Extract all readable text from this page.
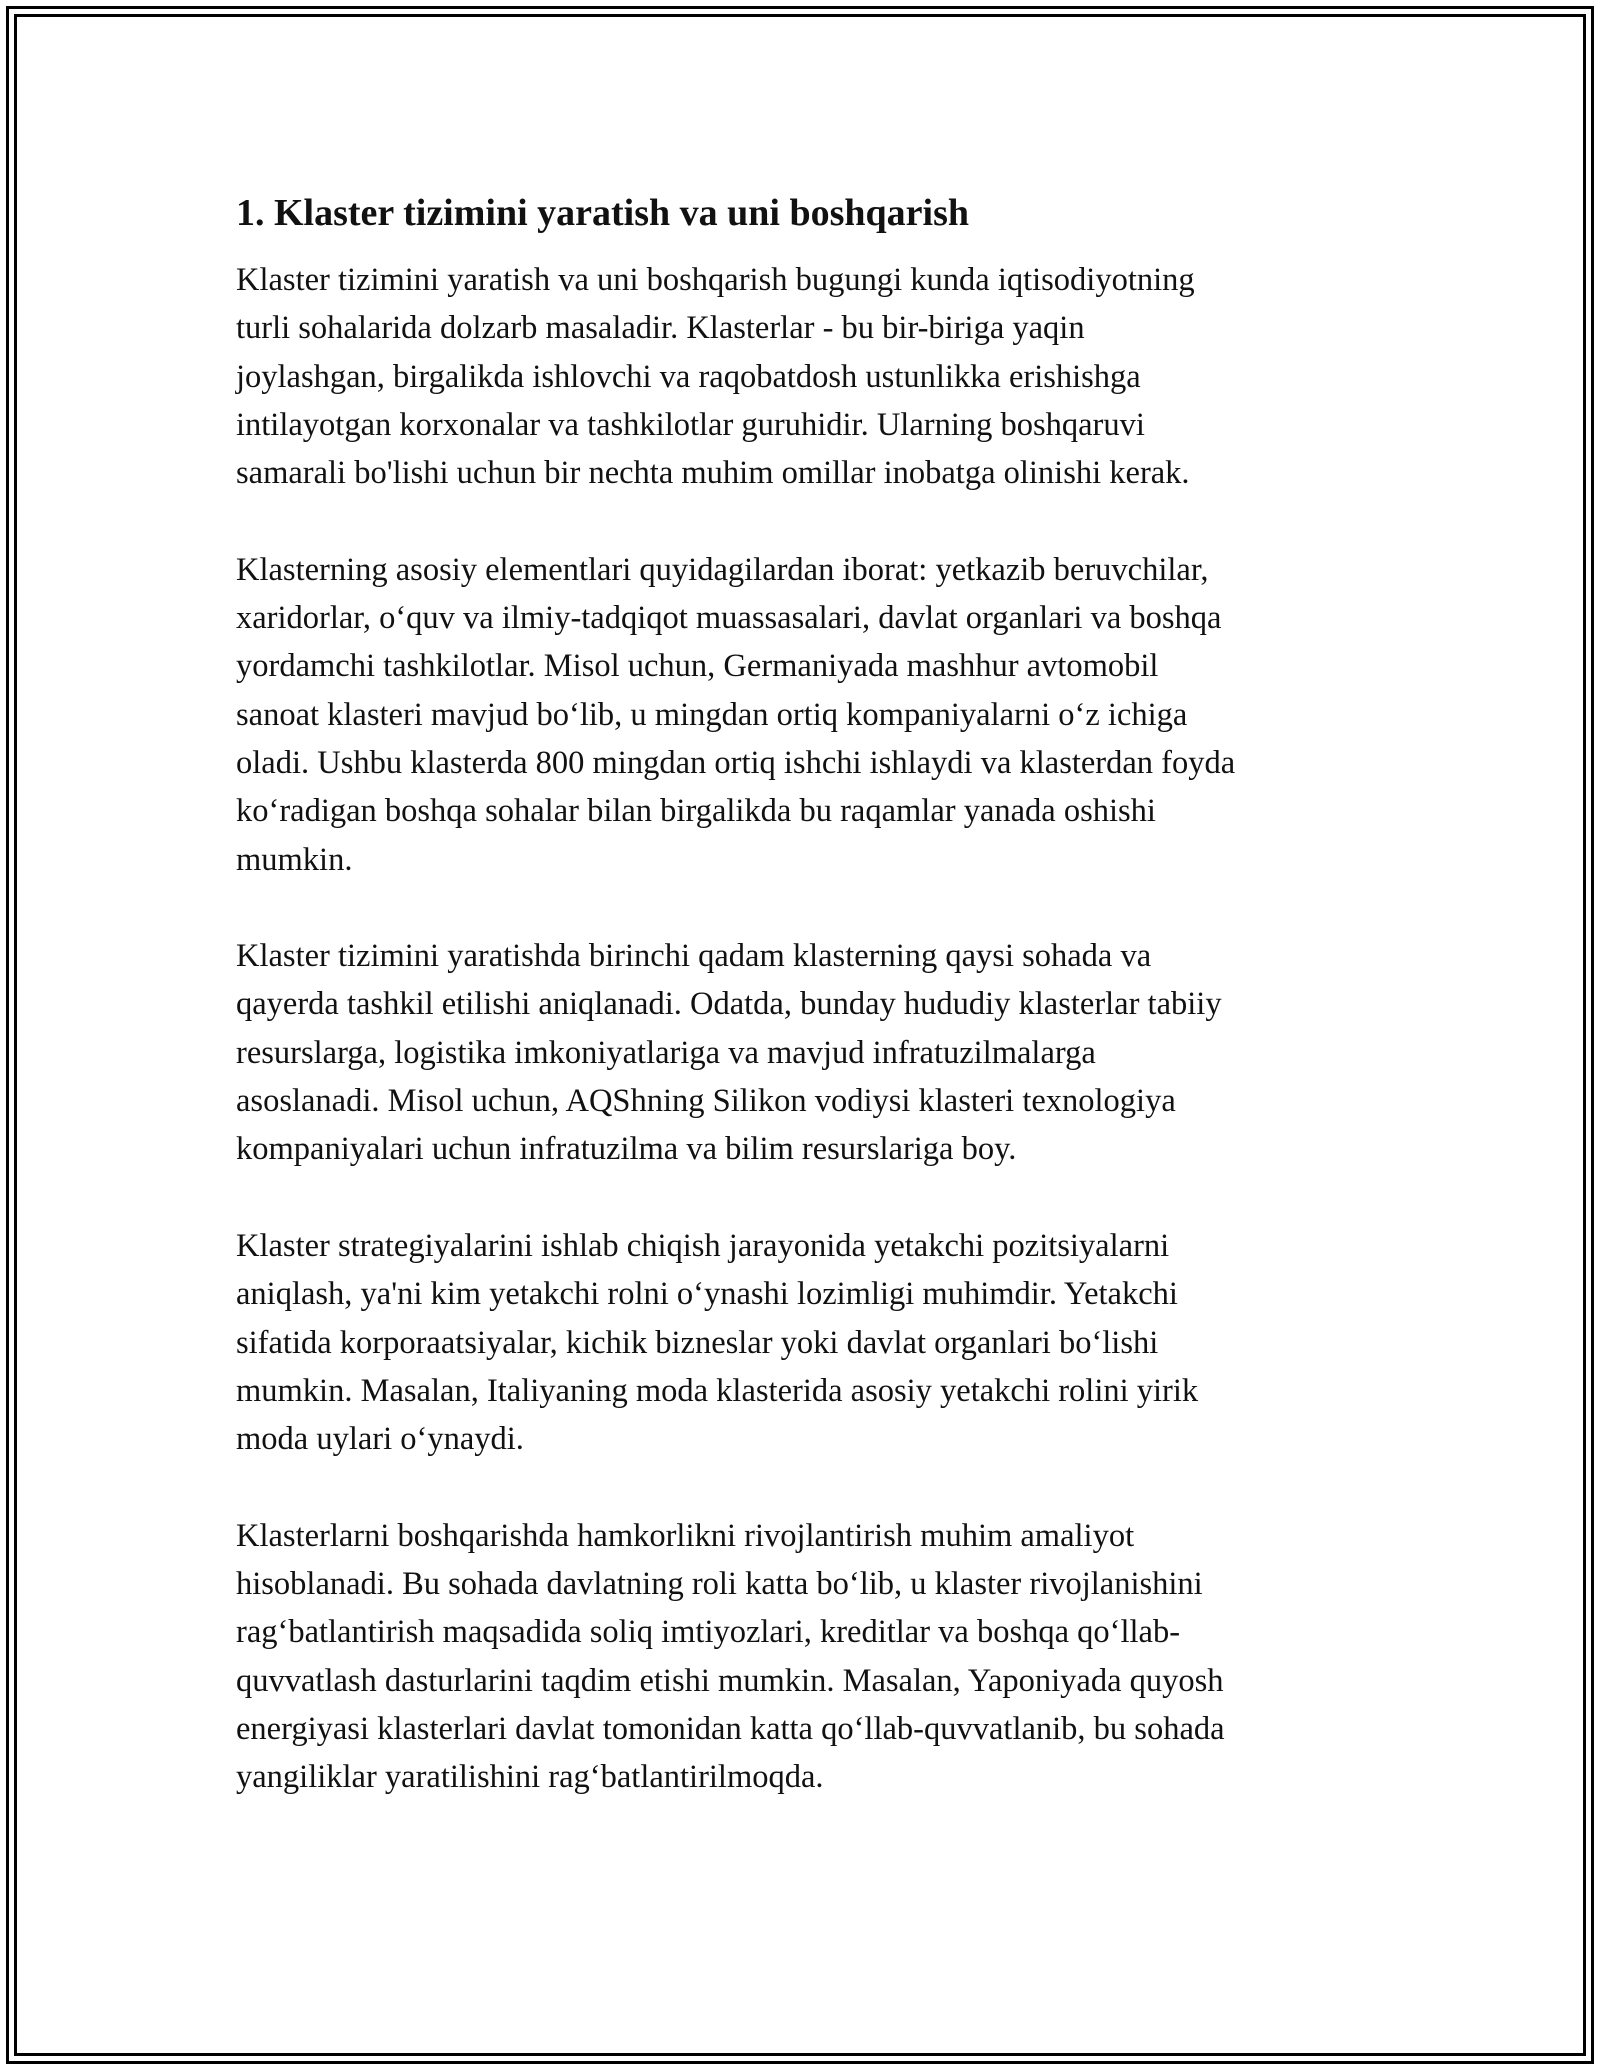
1. Klaster tizimini yaratish va uni boshqarish

Klaster tizimini yaratish va uni boshqarish bugungi kunda iqtisodiyotning
turli sohalarida dolzarb masaladir. Klasterlar - bu bir-biriga yaqin
joylashgan, birgalikda ishlovchi va raqobatdosh ustunlikka erishishga
intilayotgan korxonalar va tashkilotlar guruhidir. Ularning boshqaruvi
samarali bo'lishi uchun bir nechta muhim omillar inobatga olinishi kerak.

Klasterning asosiy elementlari quyidagilardan iborat: yetkazib beruvchilar,
xaridorlar, o‘quv va ilmiy-tadqiqot muassasalari, davlat organlari va boshqa
yordamchi tashkilotlar. Misol uchun, Germaniyada mashhur avtomobil
sanoat klasteri mavjud bo‘lib, u mingdan ortiq kompaniyalarni o‘z ichiga
oladi. Ushbu klasterda 800 mingdan ortiq ishchi ishlaydi va klasterdan foyda
ko‘radigan boshqa sohalar bilan birgalikda bu raqamlar yanada oshishi
mumkin.

Klaster tizimini yaratishda birinchi qadam klasterning qaysi sohada va
qayerda tashkil etilishi aniqlanadi. Odatda, bunday hududiy klasterlar tabiiy
resurslarga, logistika imkoniyatlariga va mavjud infratuzilmalarga
asoslanadi. Misol uchun, AQShning Silikon vodiysi klasteri texnologiya
kompaniyalari uchun infratuzilma va bilim resurslariga boy.

Klaster strategiyalarini ishlab chiqish jarayonida yetakchi pozitsiyalarni
aniqlash, ya'ni kim yetakchi rolni o‘ynashi lozimligi muhimdir. Yetakchi
sifatida korporaatsiyalar, kichik bizneslar yoki davlat organlari bo‘lishi
mumkin. Masalan, Italiyaning moda klasterida asosiy yetakchi rolini yirik
moda uylari o‘ynaydi.

Klasterlarni boshqarishda hamkorlikni rivojlantirish muhim amaliyot
hisoblanadi. Bu sohada davlatning roli katta bo‘lib, u klaster rivojlanishini
rag‘batlantirish maqsadida soliq imtiyozlari, kreditlar va boshqa qo‘llab-
quvvatlash dasturlarini taqdim etishi mumkin. Masalan, Yaponiyada quyosh
energiyasi klasterlari davlat tomonidan katta qo‘llab-quvvatlanib, bu sohada
yangiliklar yaratilishini rag‘batlantirilmoqda.
